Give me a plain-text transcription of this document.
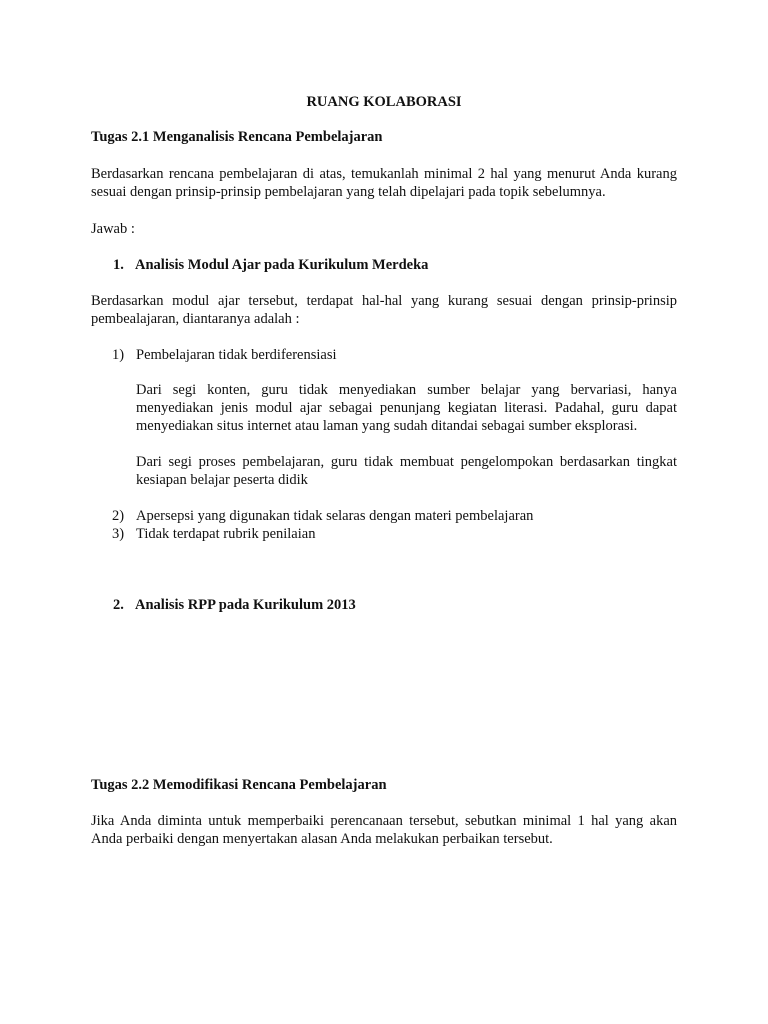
RUANG KOLABORASI
Tugas 2.1 Menganalisis Rencana Pembelajaran
Berdasarkan rencana pembelajaran di atas, temukanlah minimal 2 hal yang menurut Anda kurang sesuai dengan prinsip-prinsip pembelajaran yang telah dipelajari pada topik sebelumnya.
Jawab :
1. Analisis Modul Ajar pada Kurikulum Merdeka
Berdasarkan modul ajar tersebut, terdapat hal-hal yang kurang sesuai dengan prinsip-prinsip pembealajaran, diantaranya adalah :
1) Pembelajaran tidak berdiferensiasi
Dari segi konten, guru tidak menyediakan sumber belajar yang bervariasi, hanya menyediakan jenis modul ajar sebagai penunjang kegiatan literasi. Padahal, guru dapat menyediakan situs internet atau laman yang sudah ditandai sebagai sumber eksplorasi.
Dari segi proses pembelajaran, guru tidak membuat pengelompokan berdasarkan tingkat kesiapan belajar peserta didik
2) Apersepsi yang digunakan tidak selaras dengan materi pembelajaran
3) Tidak terdapat rubrik penilaian
2. Analisis RPP pada Kurikulum 2013
Tugas 2.2 Memodifikasi Rencana Pembelajaran
Jika Anda diminta untuk memperbaiki perencanaan tersebut, sebutkan minimal 1 hal yang akan Anda perbaiki dengan menyertakan alasan Anda melakukan perbaikan tersebut.
